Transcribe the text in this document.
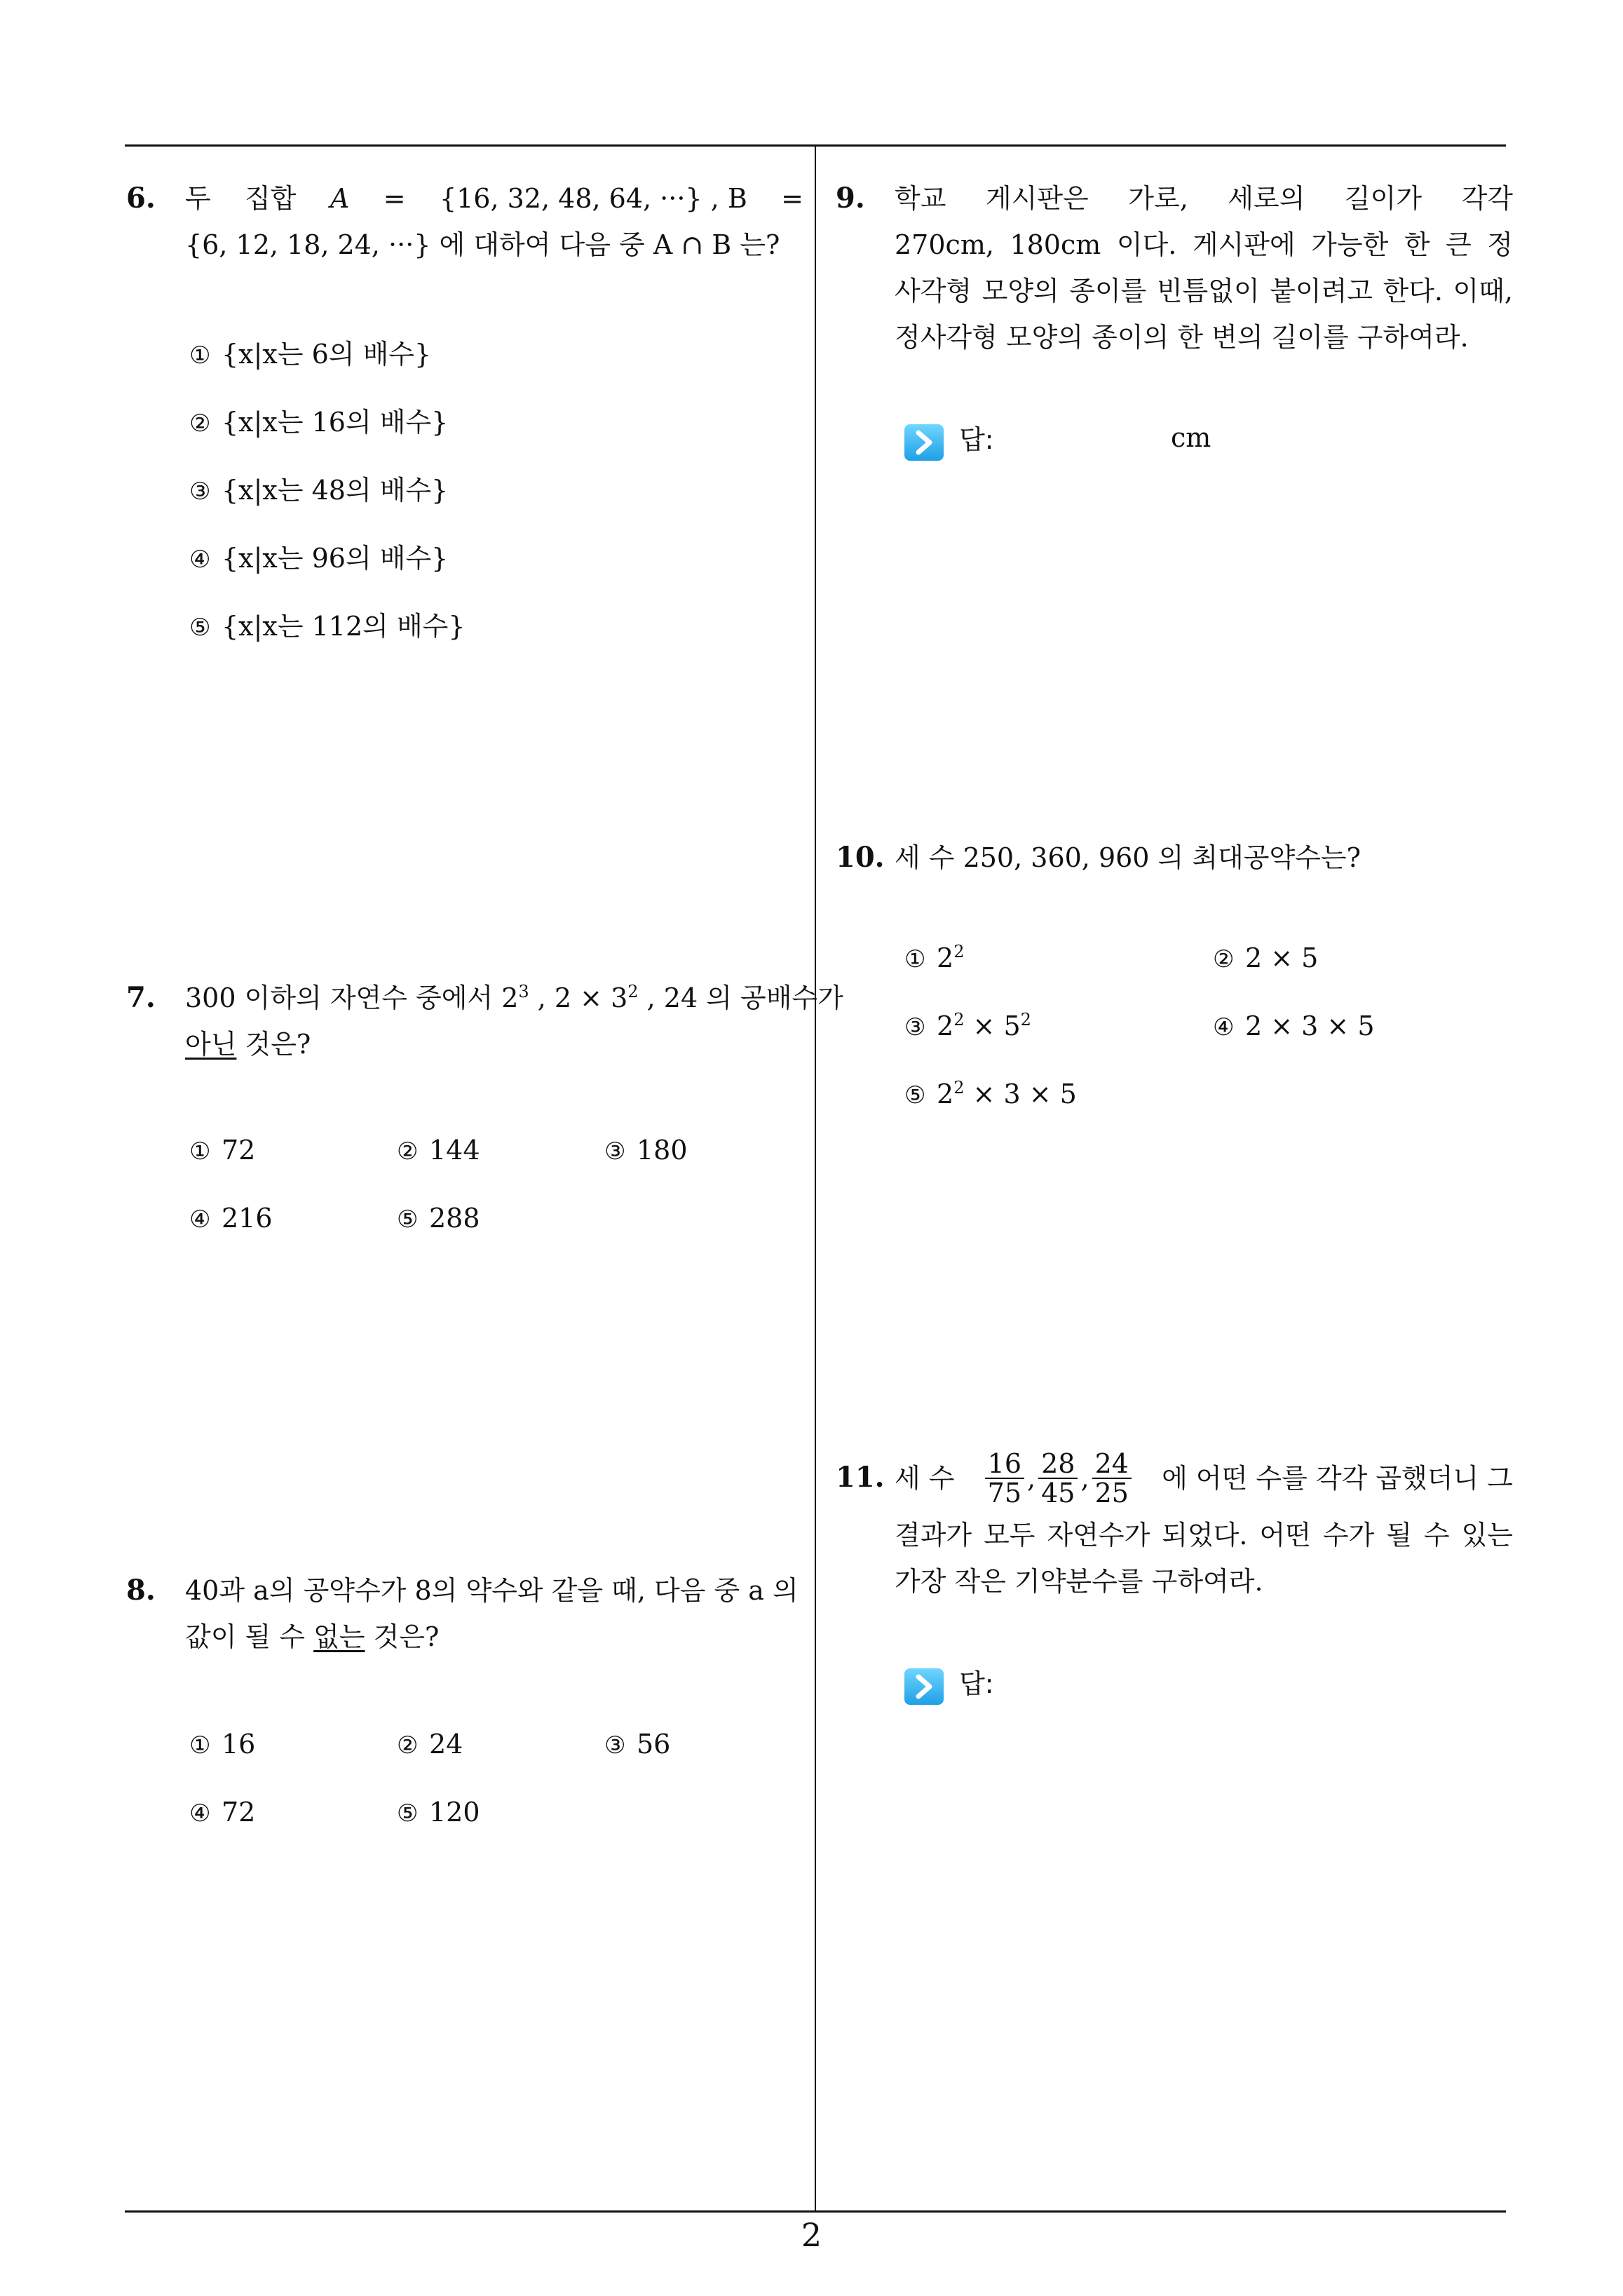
6. 두 집합 A = {16, 32, 48, 64, ···} , B =
{6, 12, 18, 24, ···} 에 대하여 다음 중 A ∩ B 는?
① {x|x는 6의 배수}
② {x|x는 16의 배수}
③ {x|x는 48의 배수}
④ {x|x는 96의 배수}
⑤ {x|x는 112의 배수}
7. 300 이하의 자연수 중에서 $2^3$ , $2 \times 3^2$ , 24 의 공배수가
아닌 것은?
① 72	② 144	③ 180
④ 216	⑤ 288
8. 40과 a의 공약수가 8의 약수와 같을 때, 다음 중 a 의
값이 될 수 없는 것은?
① 16	② 24	③ 56
④ 72	⑤ 120
9. 학교 게시판은 가로, 세로의 길이가 각각
270cm, 180cm 이다. 게시판에 가능한 한 큰 정
사각형 모양의 종이를 빈틈없이 붙이려고 한다. 이때,
정사각형 모양의 종이의 한 변의 길이를 구하여라.
답:	cm
10. 세 수 250, 360, 960 의 최대공약수는?
① $2^2$	② 2 × 5
③ $2^2 \times 5^2$	④ 2 × 3 × 5
⑤ $2^2 \times 3 \times 5$
11. 세 수 $\frac{16}{75}$ , $\frac{28}{45}$ , $\frac{24}{25}$ 에 어떤 수를 각각 곱했더니 그
결과가 모두 자연수가 되었다. 어떤 수가 될 수 있는
가장 작은 기약분수를 구하여라.
답:
2
